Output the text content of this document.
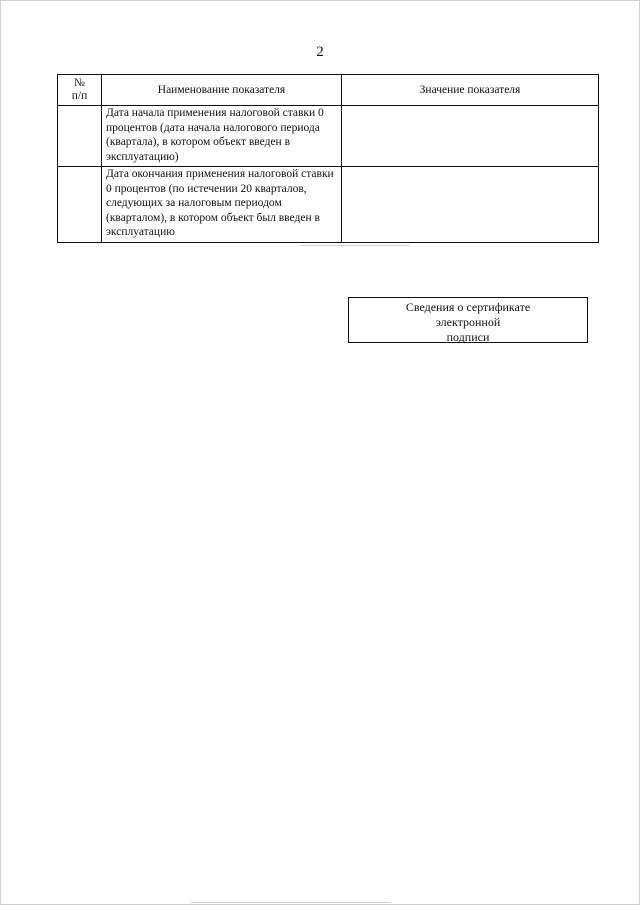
2
№
п/п	Наименование показателя	Значение показателя
	Дата начала применения налоговой ставки 0 процентов (дата начала налогового периода (квартала), в котором объект введен в эксплуатацию)	
	Дата окончания применения налоговой ставки 0 процентов (по истечении 20 кварталов, следующих за налоговым периодом (кварталом), в котором объект был введен в эксплуатацию	
Сведения о сертификате
электронной
подписи
